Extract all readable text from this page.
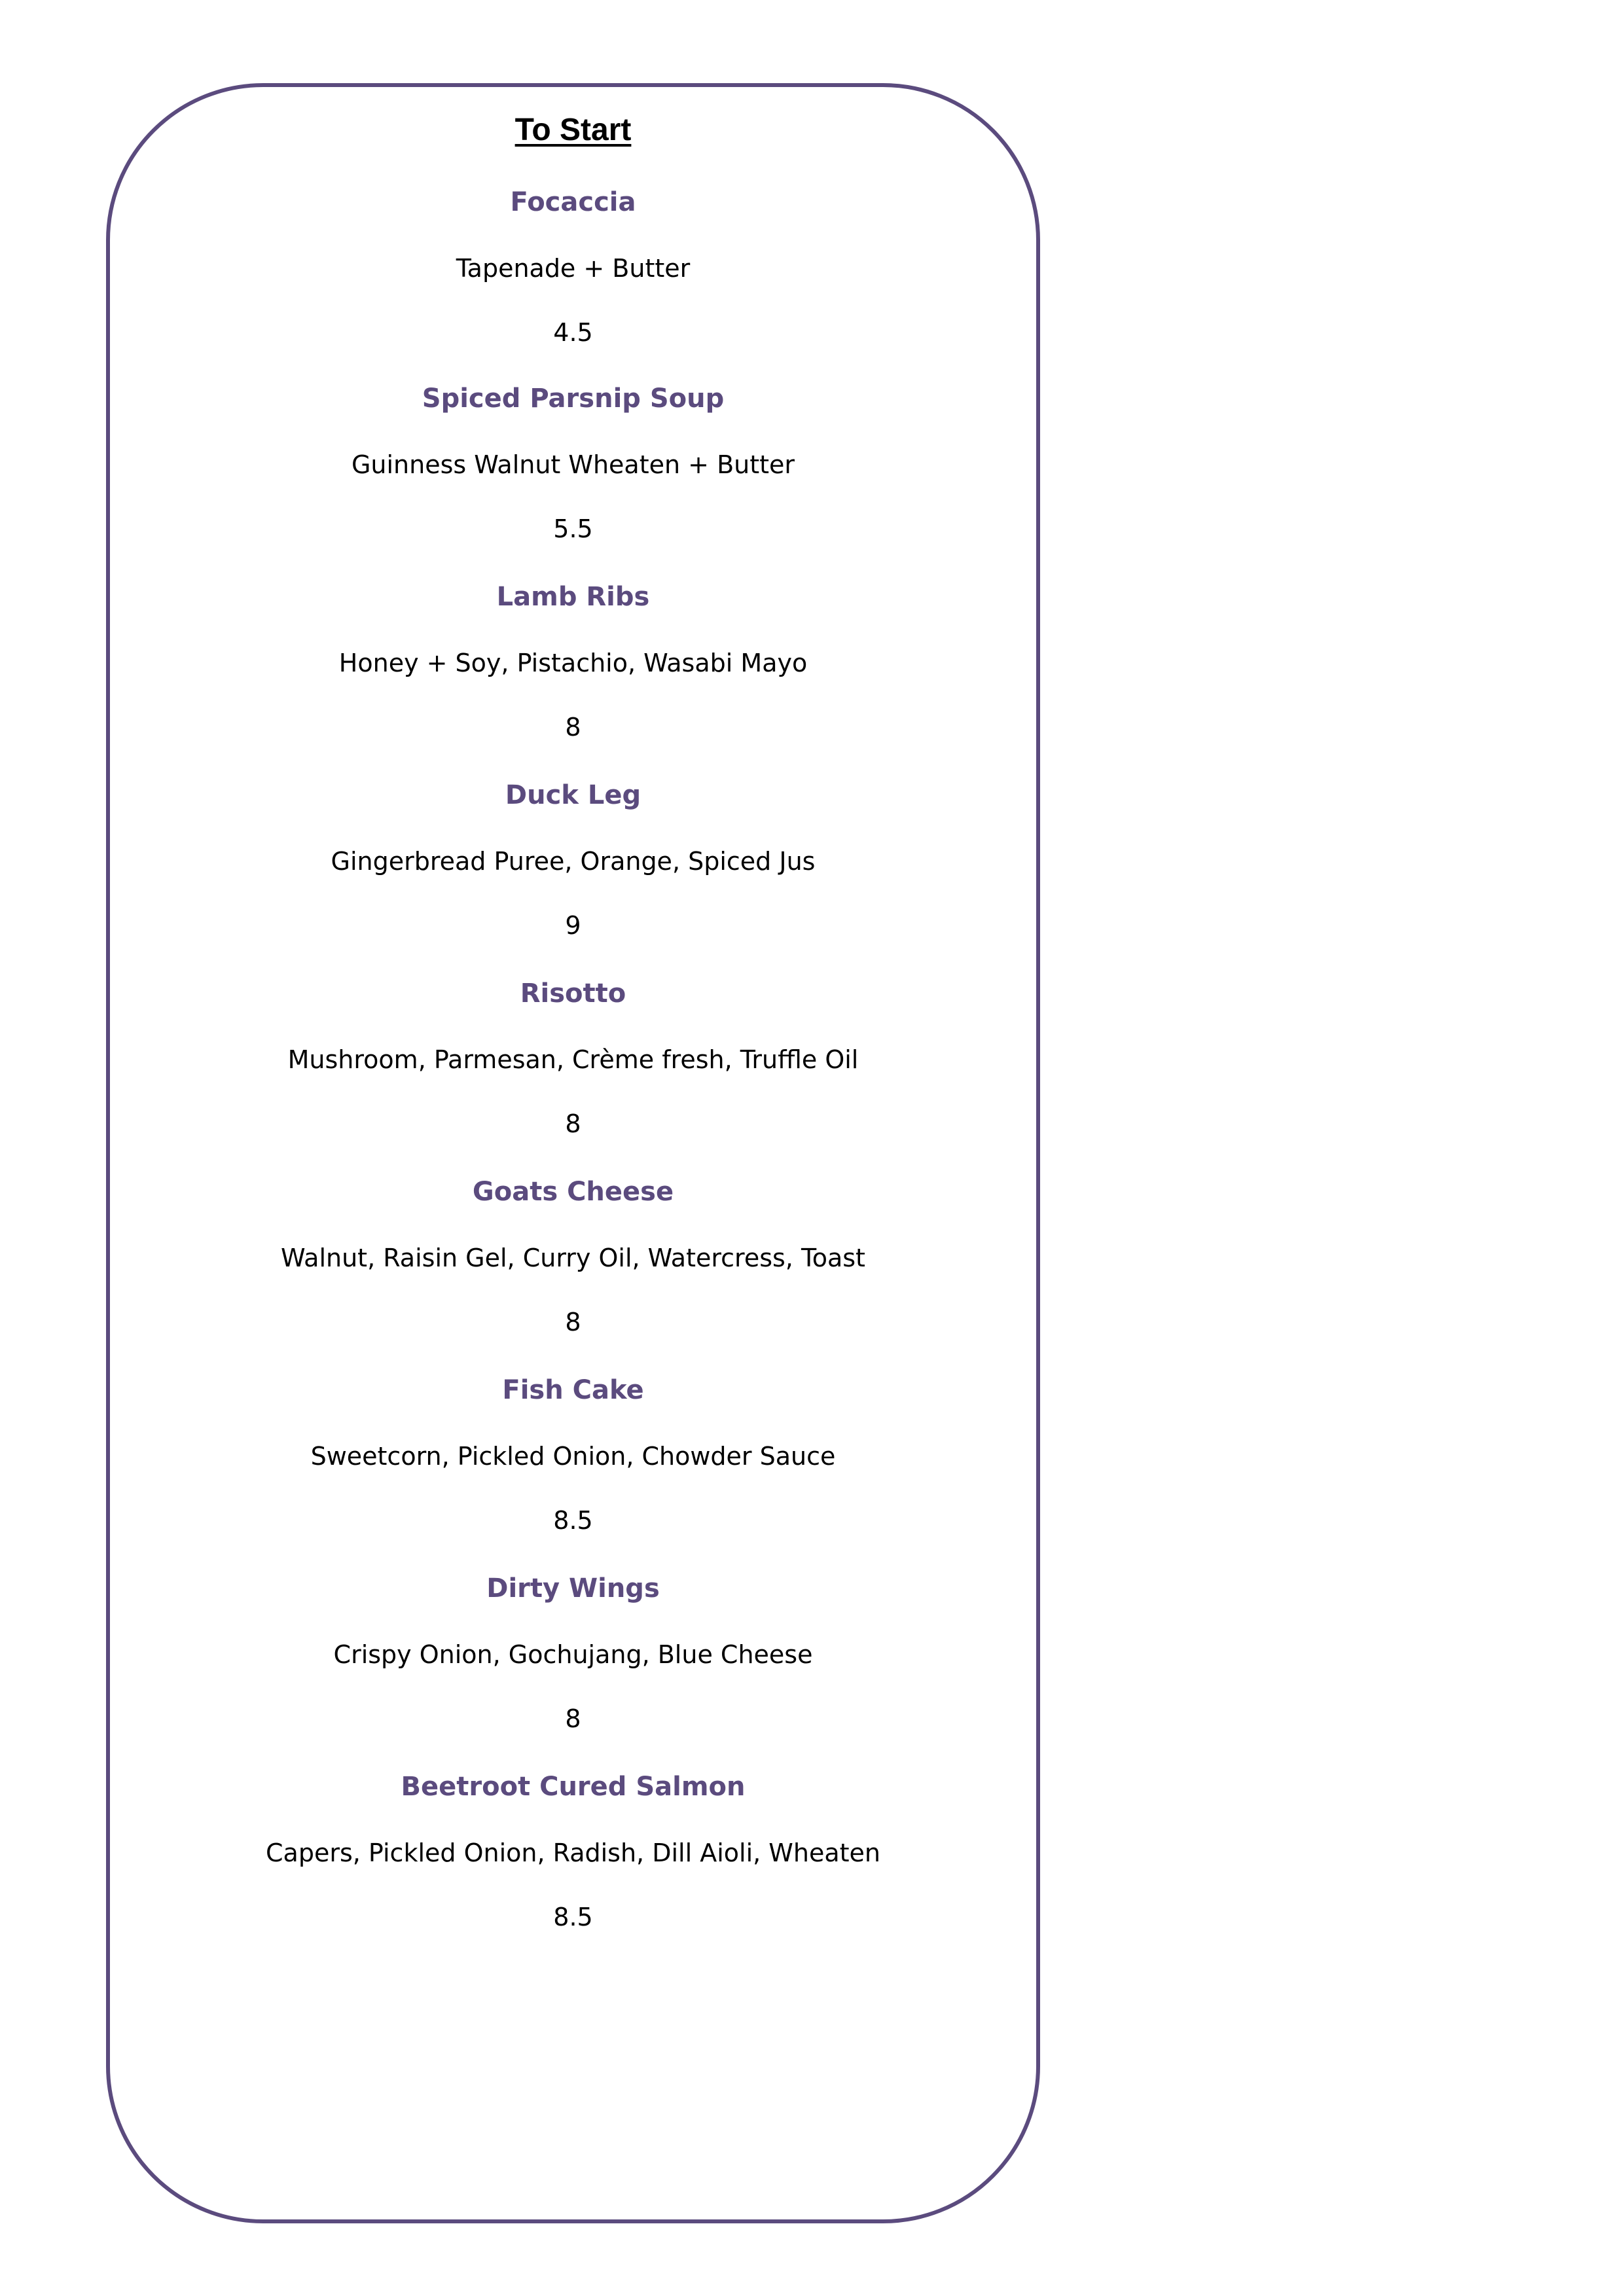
To Start
Focaccia
Tapenade + Butter
4.5
Spiced Parsnip Soup
Guinness Walnut Wheaten + Butter
5.5
Lamb Ribs
Honey + Soy, Pistachio, Wasabi Mayo
8
Duck Leg
Gingerbread Puree, Orange, Spiced Jus
9
Risotto
Mushroom, Parmesan, Crème fresh, Truffle Oil
8
Goats Cheese
Walnut, Raisin Gel, Curry Oil, Watercress, Toast
8
Fish Cake
Sweetcorn, Pickled Onion, Chowder Sauce
8.5
Dirty Wings
Crispy Onion, Gochujang, Blue Cheese
8
Beetroot Cured Salmon
Capers, Pickled Onion, Radish, Dill Aioli, Wheaten
8.5
